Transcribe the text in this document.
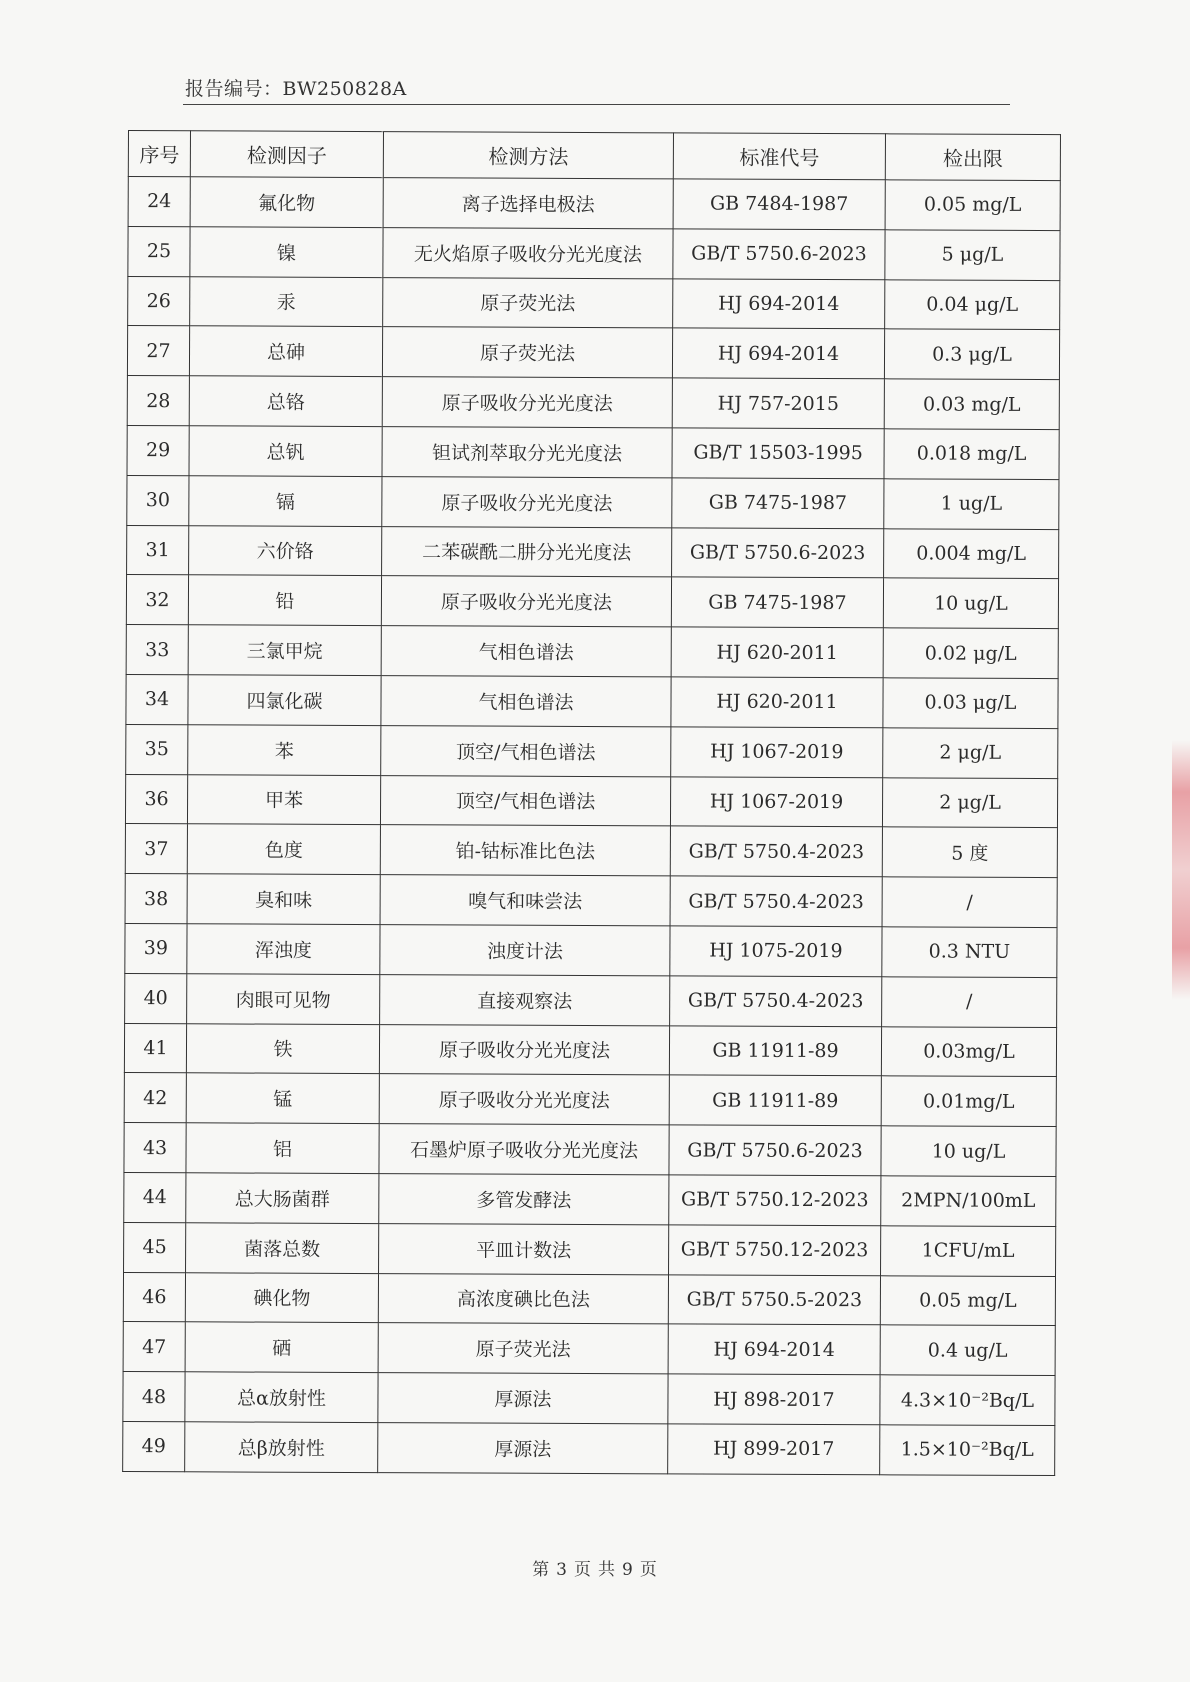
报告编号：BW250828A
序号	检测因子	检测方法	标准代号	检出限
24	氟化物	离子选择电极法	GB 7484-1987	0.05 mg/L
25	镍	无火焰原子吸收分光光度法	GB/T 5750.6-2023	5 μg/L
26	汞	原子荧光法	HJ 694-2014	0.04 μg/L
27	总砷	原子荧光法	HJ 694-2014	0.3 μg/L
28	总铬	原子吸收分光光度法	HJ 757-2015	0.03 mg/L
29	总钒	钽试剂萃取分光光度法	GB/T 15503-1995	0.018 mg/L
30	镉	原子吸收分光光度法	GB 7475-1987	1 ug/L
31	六价铬	二苯碳酰二肼分光光度法	GB/T 5750.6-2023	0.004 mg/L
32	铅	原子吸收分光光度法	GB 7475-1987	10 ug/L
33	三氯甲烷	气相色谱法	HJ 620-2011	0.02 μg/L
34	四氯化碳	气相色谱法	HJ 620-2011	0.03 μg/L
35	苯	顶空/气相色谱法	HJ 1067-2019	2 μg/L
36	甲苯	顶空/气相色谱法	HJ 1067-2019	2 μg/L
37	色度	铂-钴标准比色法	GB/T 5750.4-2023	5 度
38	臭和味	嗅气和味尝法	GB/T 5750.4-2023	/
39	浑浊度	浊度计法	HJ 1075-2019	0.3 NTU
40	肉眼可见物	直接观察法	GB/T 5750.4-2023	/
41	铁	原子吸收分光光度法	GB 11911-89	0.03mg/L
42	锰	原子吸收分光光度法	GB 11911-89	0.01mg/L
43	铝	石墨炉原子吸收分光光度法	GB/T 5750.6-2023	10 ug/L
44	总大肠菌群	多管发酵法	GB/T 5750.12-2023	2MPN/100mL
45	菌落总数	平皿计数法	GB/T 5750.12-2023	1CFU/mL
46	碘化物	高浓度碘比色法	GB/T 5750.5-2023	0.05 mg/L
47	硒	原子荧光法	HJ 694-2014	0.4 ug/L
48	总α放射性	厚源法	HJ 898-2017	4.3×10⁻²Bq/L
49	总β放射性	厚源法	HJ 899-2017	1.5×10⁻²Bq/L
第 3 页 共 9 页
